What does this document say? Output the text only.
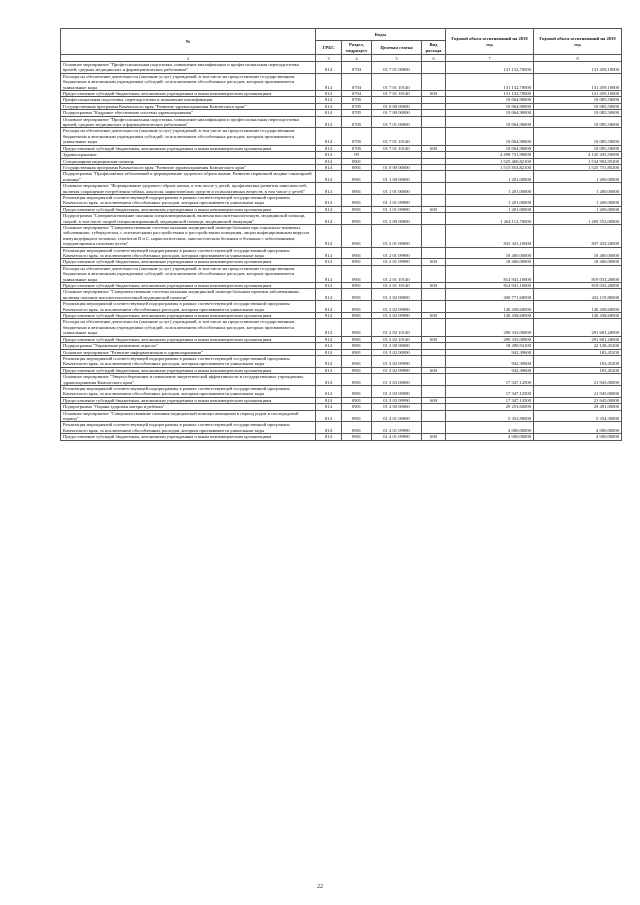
№	Коды				Годовой объем ассигнований на 2018 год	Годовой объем ассигнований на 2019 год
	ГРБС	Раздел, подраздел	Целевая статья	Вид расхода		
2	3	4	5	6	7	8
Основное мероприятие "Профессиональная подготовка, повышение квалификации и профессиональная переподготовка врачей, средних медицинских и фармацевтических работников"	814	0704	01 7 01 00000		131 132,70000	131 459,10000
Расходы на обеспечение деятельности (оказание услуг) учреждений, в том числе на предоставление государственным бюджетным и автономным учреждениям субсидий, за исключением обособленных расходов, которым присваиваются уникальные коды	814	0704	01 7 01 10140		131 132,70000	131 459,10000
Предоставление субсидий бюджетным, автономным учреждениям и иным некоммерческим организациям	814	0704	01 7 01 10140	600	131 132,70000	131 459,10000
Профессиональная подготовка, переподготовка и повышение квалификации	814	0705			10 064,90000	10 085,50000
Государственная программа Камчатского края "Развитие здравоохранения Камчатского края"	814	0705	01 0 00 00000		10 064,90000	10 085,50000
Подпрограмма "Кадровое обеспечение системы здравоохранения"	814	0705	01 7 00 00000		10 064,90000	10 085,50000
Основное мероприятие "Профессиональная подготовка, повышение квалификации и профессиональная переподготовка врачей, средних медицинских и фармацевтических работников"	814	0705	01 7 01 00000		10 064,90000	10 085,50000
Расходы на обеспечение деятельности (оказание услуг) учреждений, в том числе на предоставление государственным бюджетным и автономным учреждениям субсидий, за исключением обособленных расходов, которым присваиваются уникальные коды	814	0705	01 7 01 10140		10 064,90000	10 085,50000
Предоставление субсидий бюджетным, автономным учреждениям и иным некоммерческим организациям	814	0705	01 7 01 10140	600	10 064,90000	10 085,50000
Здравоохранение	814	09			4 498 731,98000	4 145 435,59000
Стационарная медицинская помощь	814	0901			1 525 460,82100	1 534 904,95200
Государственная программа Камчатского края "Развитие здравоохранения Камчатского края"	814	0901	01 0 00 00000		1 515 854,82100	1 525 731,85200
Подпрограмма "Профилактика заболеваний и формирование здорового образа жизни. Развитие первичной медико-санитарной помощи"	814	0901	01 1 00 00000		1 201,00000	1 200,00000
Основное мероприятие "Формирование здорового образа жизни, в том числе у детей, профилактика развития зависимостей, включая сокращение потребления табака, алкоголя, наркотических средств и психоактивных веществ, в том числе у детей"	814	0901	01 1 01 00000		1 201,00000	1 200,00000
Реализация мероприятий соответствующей подпрограммы в рамках соответствующей государственной программы Камчатского края, за исключением обособленных расходов, которым присваиваются уникальные коды	814	0901	01 1 01 09990		1 201,00000	1 200,00000
Предоставление субсидий бюджетным, автономным учреждениям и иным некоммерческим организациям	814	0901	01 1 01 09990	600	1 201,00000	1 200,00000
Подпрограмма "Совершенствование оказания специализированной, включая высокотехнологичную, медицинской помощи, скорой, в том числе скорой специализированной, медицинской помощи, медицинской эвакуации"	814	0901	01 2 00 00000		1 264 112,70000	1 269 553,00000
Основное мероприятие "Совершенствование системы оказания медицинской помощи больным при социально-значимых заболеваниях: туберкулезом, с психическими расстройствами и расстройствами поведения, лицам инфицированным вирусом иммунодефицита человека, гепатитов В и С, наркологическим, онкологическим больным и больным с заболеваниями, передающимися половым путем"	814	0901	01 2 01 00000		833 341,10000	837 433,20000
Реализация мероприятий соответствующей подпрограммы в рамках соответствующей государственной программы Камчатского края, за исключением обособленных расходов, которым присваиваются уникальные коды	814	0901	01 2 01 09990		18 400,00000	18 400,00000
Предоставление субсидий бюджетным, автономным учреждениям и иным некоммерческим организациям	814	0901	01 2 01 09990	600	18 400,00000	18 400,00000
Расходы на обеспечение деятельности (оказание услуг) учреждений, в том числе на предоставление государственным бюджетным и автономным учреждениям субсидий, за исключением обособленных расходов, которым присваиваются уникальные коды	814	0901	01 2 01 10140		814 941,10000	819 033,20000
Предоставление субсидий бюджетным, автономным учреждениям и иным некоммерческим организациям	814	0901	01 2 01 10140	600	814 941,10000	819 033,20000
Основное мероприятие "Совершенствование системы оказания медицинской помощи больным прочими заболеваниями, включая оказание высокотехнологичной медицинской помощи"	814	0901	01 2 02 00000		430 771,60000	432 119,80000
Реализация мероприятий соответствующей подпрограммы в рамках соответствующей государственной программы Камчатского края, за исключением обособленных расходов, которым присваиваются уникальные коды	814	0901	01 2 02 09990		140 438,60000	140 438,60000
Предоставление субсидий бюджетным, автономным учреждениям и иным некоммерческим организациям	814	0901	01 2 02 09990	600	140 438,60000	140 438,60000
Расходы на обеспечение деятельности (оказание услуг) учреждений, в том числе на предоставление государственным бюджетным и автономным учреждениям субсидий, за исключением обособленных расходов, которым присваиваются уникальные коды	814	0901	01 2 02 10140		290 333,00000	291 681,20000
Предоставление субсидий бюджетным, автономным учреждениям и иным некоммерческим организациям	814	0901	01 2 02 10140	600	290 333,00000	291 681,20000
Подпрограмма "Управление развитием отрасли"	814	0901	01 3 00 00000		18 289,92100	22 128,45200
Основное мероприятие "Развитие информатизации в здравоохранении"	814	0901	01 3 02 00000		942,39600	183,45200
Реализация мероприятий соответствующей подпрограммы в рамках соответствующей государственной программы Камчатского края, за исключением обособленных расходов, которым присваиваются уникальные коды	814	0901	01 3 02 09990		942,39600	183,45200
Предоставление субсидий бюджетным, автономным учреждениям и иным некоммерческим организациям	814	0901	01 3 02 09990	600	942,39600	183,45200
Основное мероприятие "Энергосбережение и повышение энергетической эффективности в государственных учреждениях здравоохранения Камчатского края"	814	0901	01 3 03 00000		17 347,12500	21 945,00000
Реализация мероприятий соответствующей подпрограммы в рамках соответствующей государственной программы Камчатского края, за исключением обособленных расходов, которым присваиваются уникальные коды	814	0901	01 3 03 09990		17 347,12500	21 945,00000
Предоставление субсидий бюджетным, автономным учреждениям и иным некоммерческим организациям	814	0901	01 3 03 09990	600	17 347,12500	21 945,00000
Подпрограмма "Охрана здоровья матери и ребенка"	814	0901	01 4 00 00000		29 253,60000	29 491,00000
Основное мероприятие "Совершенствование оказания медицинской помощи женщинам в период родов и послеродовой период"	814	0901	01 4 01 00000		5 352,80000	5 354,30000
Реализация мероприятий соответствующей подпрограммы в рамках соответствующей государственной программы Камчатского края, за исключением обособленных расходов, которым присваиваются уникальные коды	814	0901	01 4 01 09990		4 000,00000	4 000,00000
Предоставление субсидий бюджетным, автономным учреждениям и иным некоммерческим организациям	814	0901	01 4 01 09990	600	4 000,00000	4 000,00000
22
